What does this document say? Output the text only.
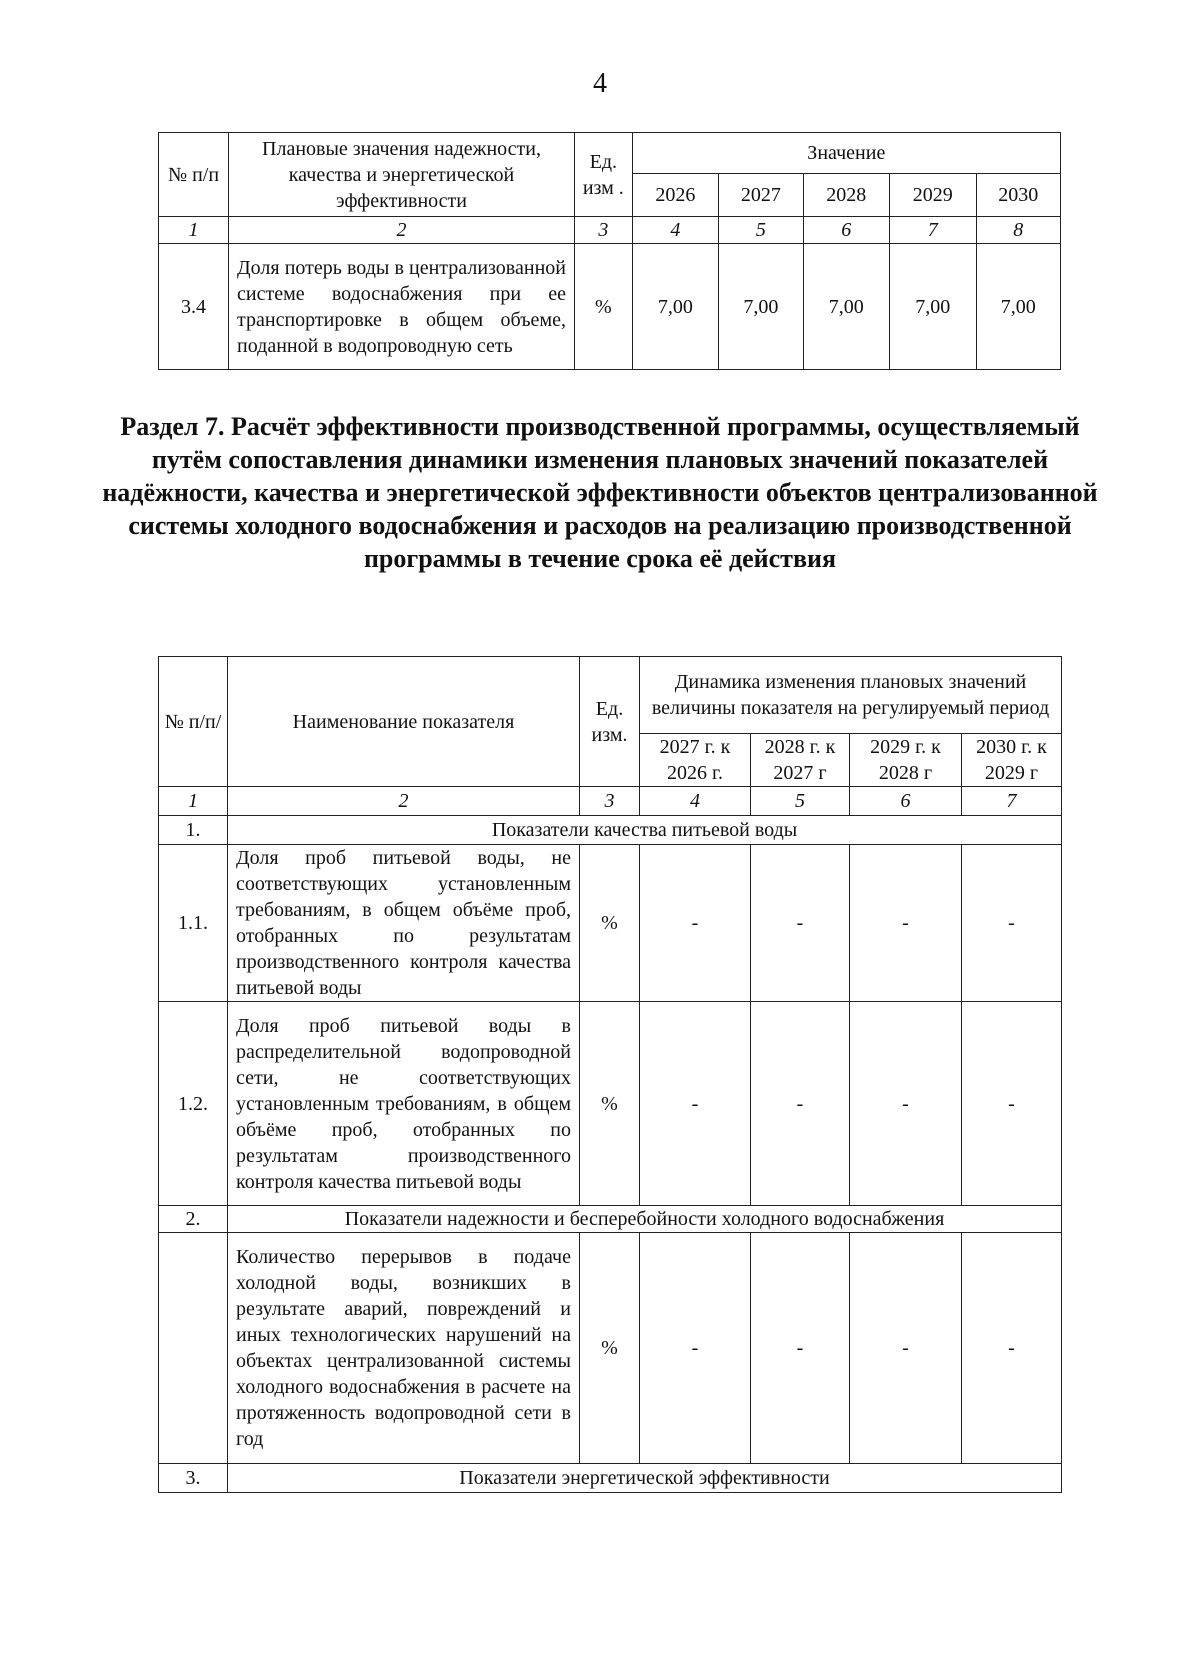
4
№ п/п	Плановые значения надежности, качества и энергетической эффективности	Ед. изм .	Значение				
			2026	2027	2028	2029	2030
1	2	3	4	5	6	7	8
3.4	Доля потерь воды в централизованной системе водоснабжения при ее транспортировке в общем объеме, поданной в водопроводную сеть	%	7,00	7,00	7,00	7,00	7,00
Раздел 7. Расчёт эффективности производственной программы, осуществляемый путём сопоставления динамики изменения плановых значений показателей надёжности, качества и энергетической эффективности объектов централизованной системы холодного водоснабжения и расходов на реализацию производственной программы в течение срока её действия
№ п/п/	Наименование показателя	Ед. изм.	Динамика изменения плановых значений величины показателя на регулируемый период			
			2027 г. к 2026 г.	2028 г. к 2027 г	2029 г. к 2028 г	2030 г. к 2029 г
1	2	3	4	5	6	7
1.	Показатели качества питьевой воды					
1.1.	Доля проб питьевой воды, не соответствующих установленным требованиям, в общем объёме проб, отобранных по результатам производственного контроля качества питьевой воды	%	-	-	-	-
1.2.	Доля проб питьевой воды в распределительной водопроводной сети, не соответствующих установленным требованиям, в общем объёме проб, отобранных по результатам производственного контроля качества питьевой воды	%	-	-	-	-
2.	Показатели надежности и бесперебойности холодного водоснабжения					
	Количество перерывов в подаче холодной воды, возникших в результате аварий, повреждений и иных технологических нарушений на объектах централизованной системы холодного водоснабжения в расчете на протяженность водопроводной сети в год	%	-	-	-	-
3.	Показатели энергетической эффективности					
